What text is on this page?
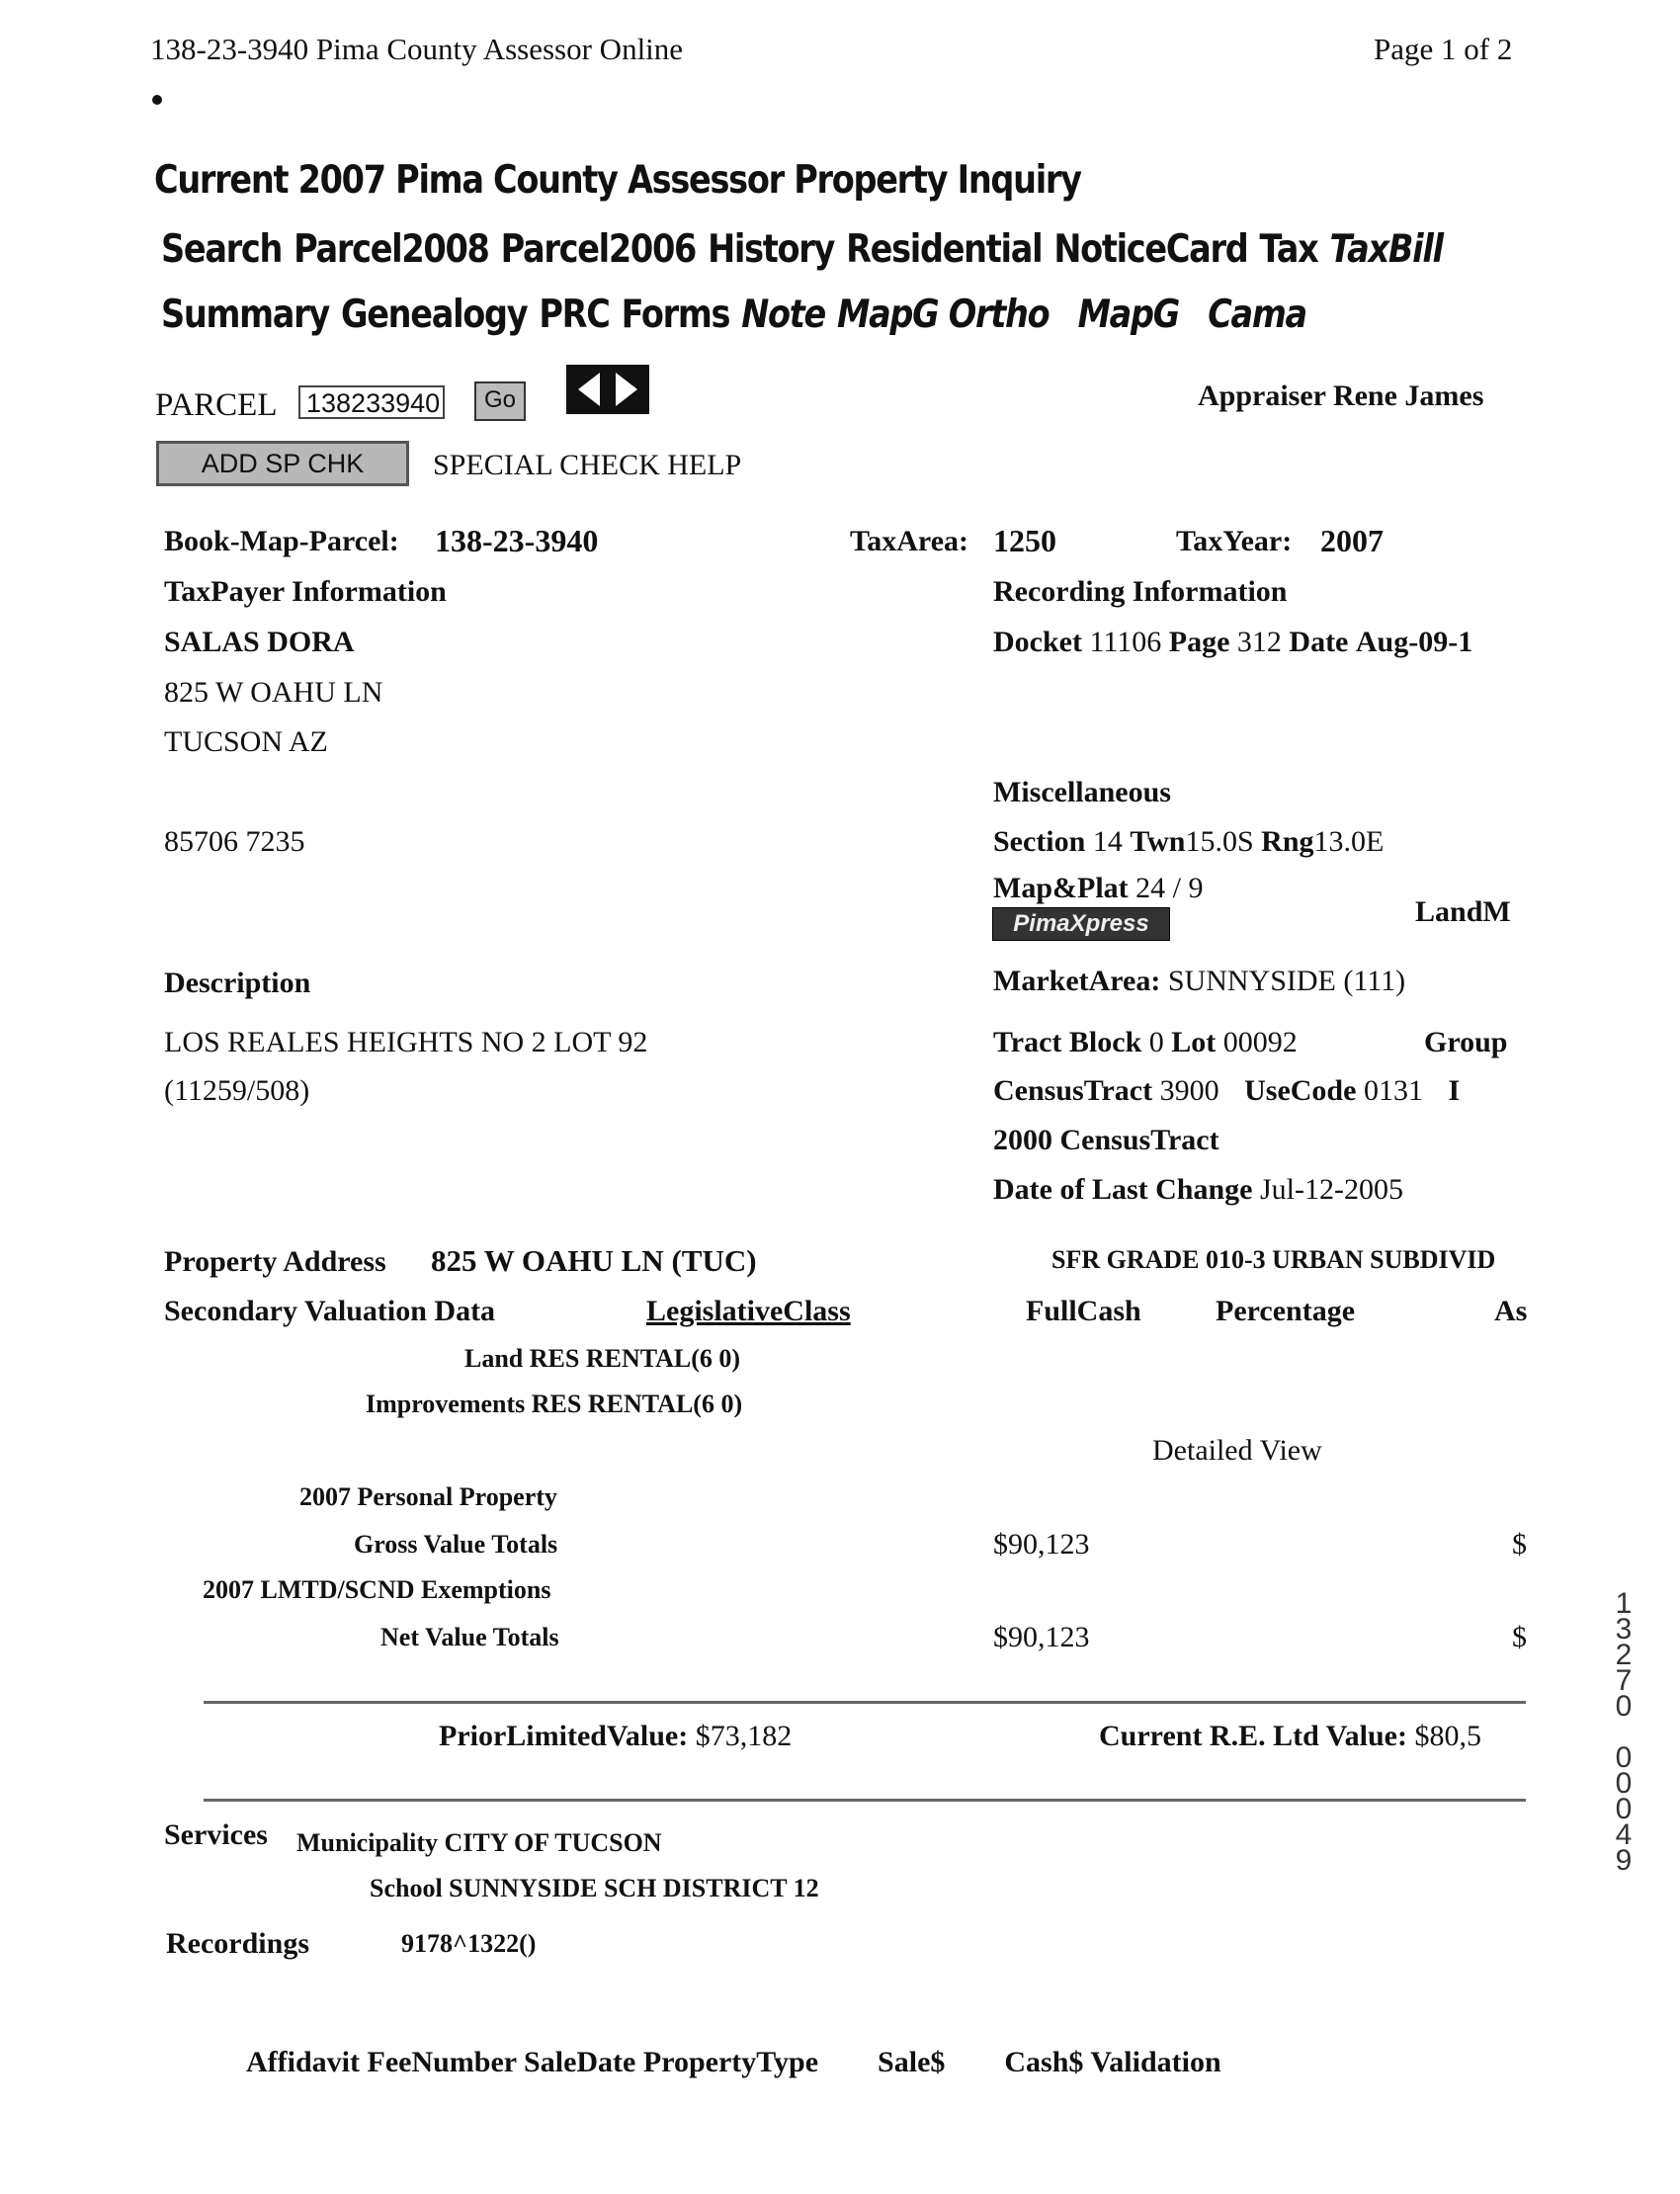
138-23-3940 Pima County Assessor Online	Page 1 of 2
Current 2007 Pima County Assessor Property Inquiry
Search Parcel2008 Parcel2006 History Residential NoticeCard Tax TaxBill
Summary Genealogy PRC Forms Note MapG Ortho MapG Cama
PARCEL 138233940	Go	Appraiser Rene James
ADD SP CHK	SPECIAL CHECK HELP
Book-Map-Parcel: 138-23-3940	TaxArea: 1250	TaxYear: 2007
TaxPayer Information
SALAS DORA
825 W OAHU LN
TUCSON AZ
85706 7235
Recording Information
Docket 11106 Page 312 Date Aug-09-1
Miscellaneous
Section 14 Twn15.0S Rng13.0E
Map&Plat 24 / 9
PimaXpress	LandM
MarketArea: SUNNYSIDE (111)
Tract Block 0 Lot 00092	Group
CensusTract 3900 UseCode 0131 I
2000 CensusTract
Date of Last Change Jul-12-2005
Description
LOS REALES HEIGHTS NO 2 LOT 92
(11259/508)
Property Address 825 W OAHU LN (TUC)	SFR GRADE 010-3 URBAN SUBDIVID
Secondary Valuation Data	LegislativeClass	FullCash	Percentage	As
Land RES RENTAL(6 0)
Improvements RES RENTAL(6 0)
Detailed View
2007 Personal Property
Gross Value Totals	$90,123	$
2007 LMTD/SCND Exemptions
Net Value Totals	$90,123	$
PriorLimitedValue: $73,182	Current R.E. Ltd Value: $80,5
Services Municipality CITY OF TUCSON
School SUNNYSIDE SCH DISTRICT 12
Recordings	9178^1322()
Affidavit FeeNumber SaleDate PropertyType        Sale$        Cash$ Validation
1
3
2
7
0
0
0
0
4
9
